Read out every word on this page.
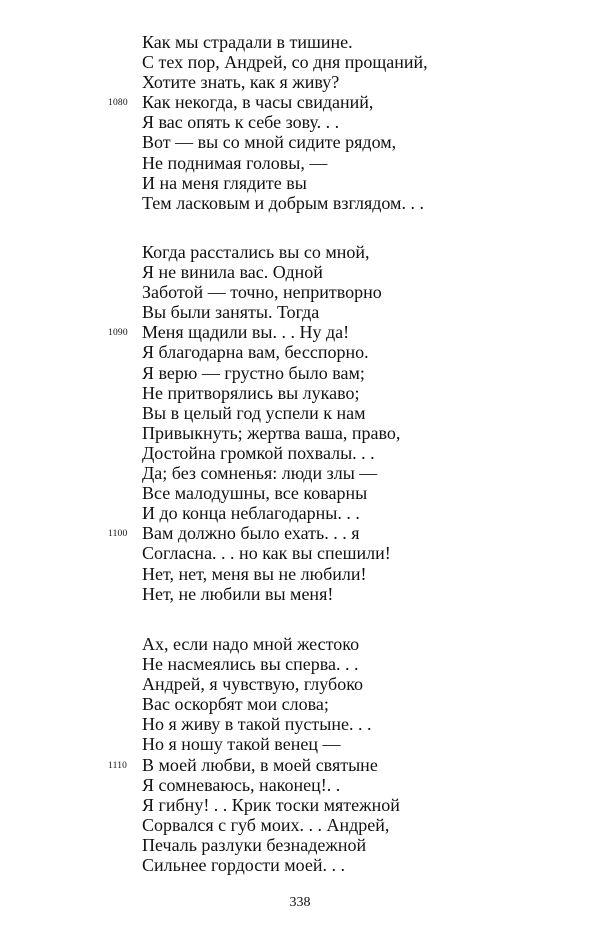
Как мы страдали в тишине.
С тех пор, Андрей, со дня прощаний,
Хотите знать, как я живу?
1080 Как некогда, в часы свиданий,
Я вас опять к себе зову. . .
Вот — вы со мной сидите рядом,
Не поднимая головы, —
И на меня глядите вы
Тем ласковым и добрым взглядом. . .
Когда расстались вы со мной,
Я не винила вас. Одной
Заботой — точно, непритворно
Вы были заняты. Тогда
1090 Меня щадили вы. . . Ну да!
Я благодарна вам, бесспорно.
Я верю — грустно было вам;
Не притворялись вы лукаво;
Вы в целый год успели к нам
Привыкнуть; жертва ваша, право,
Достойна громкой похвалы. . .
Да; без сомненья: люди злы —
Все малодушны, все коварны
И до конца неблагодарны. . .
1100 Вам должно было ехать. . . я
Согласна. . . но как вы спешили!
Нет, нет, меня вы не любили!
Нет, не любили вы меня!
Ах, если надо мной жестоко
Не насмеялись вы сперва. . .
Андрей, я чувствую, глубоко
Вас оскорбят мои слова;
Но я живу в такой пустыне. . .
Но я ношу такой венец —
1110 В моей любви, в моей святыне
Я сомневаюсь, наконец!. .
Я гибну! . . Крик тоски мятежной
Сорвался с губ моих. . . Андрей,
Печаль разлуки безнадежной
Сильнее гордости моей. . .
338
